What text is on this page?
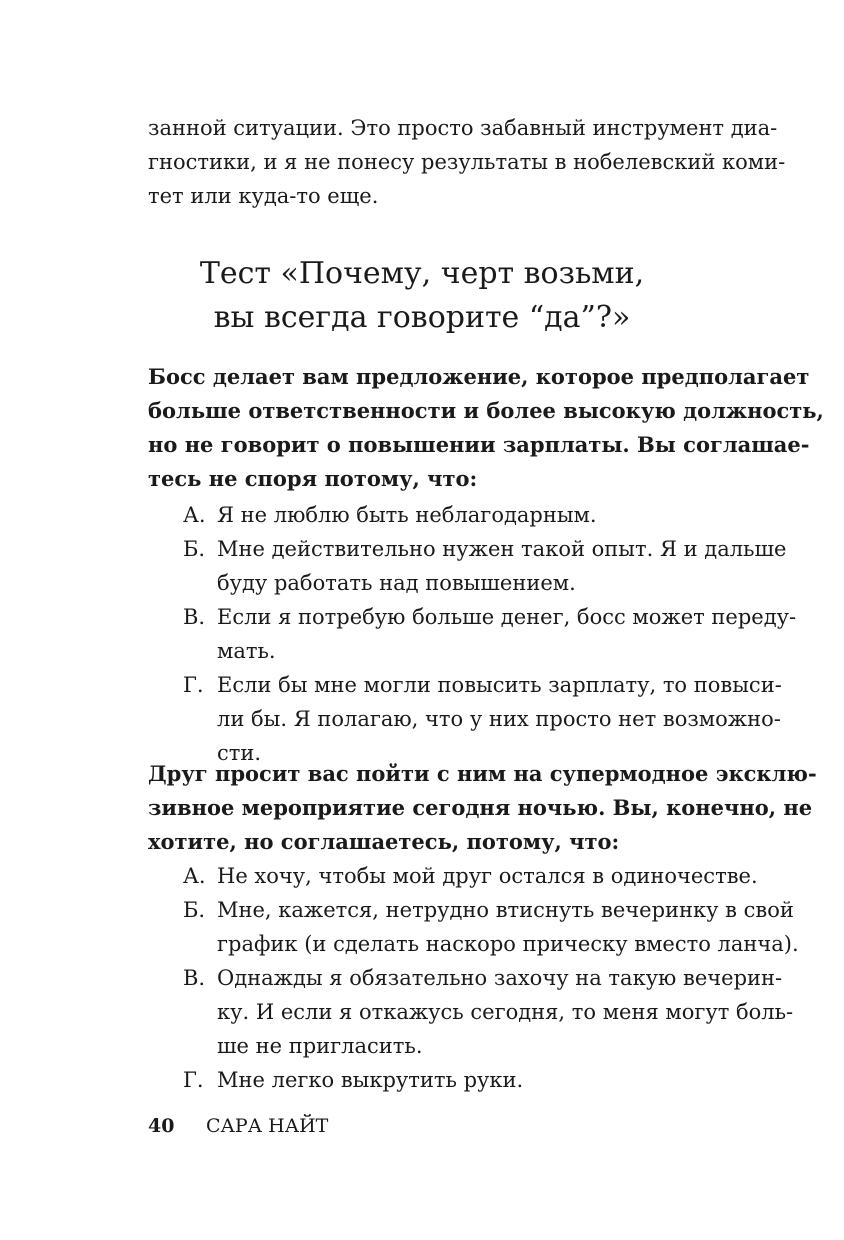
занной ситуации. Это просто забавный инструмент диа-
гностики, и я не понесу результаты в нобелевский коми-
тет или куда-то еще.
Тест «Почему, черт возьми,
вы всегда говорите “да”?»
Босс делает вам предложение, которое предполагает
больше ответственности и более высокую должность,
но не говорит о повышении зарплаты. Вы соглашае-
тесь не споря потому, что:
А. Я не люблю быть неблагодарным.
Б. Мне действительно нужен такой опыт. Я и дальше
буду работать над повышением.
В. Если я потребую больше денег, босс может переду-
мать.
Г. Если бы мне могли повысить зарплату, то повыси-
ли бы. Я полагаю, что у них просто нет возможно-
сти.
Друг просит вас пойти с ним на супермодное эксклю-
зивное мероприятие сегодня ночью. Вы, конечно, не
хотите, но соглашаетесь, потому, что:
А. Не хочу, чтобы мой друг остался в одиночестве.
Б. Мне, кажется, нетрудно втиснуть вечеринку в свой
график (и сделать наскоро прическу вместо ланча).
В. Однажды я обязательно захочу на такую вечерин-
ку. И если я откажусь сегодня, то меня могут боль-
ше не пригласить.
Г. Мне легко выкрутить руки.
40 САРА НАЙТ
